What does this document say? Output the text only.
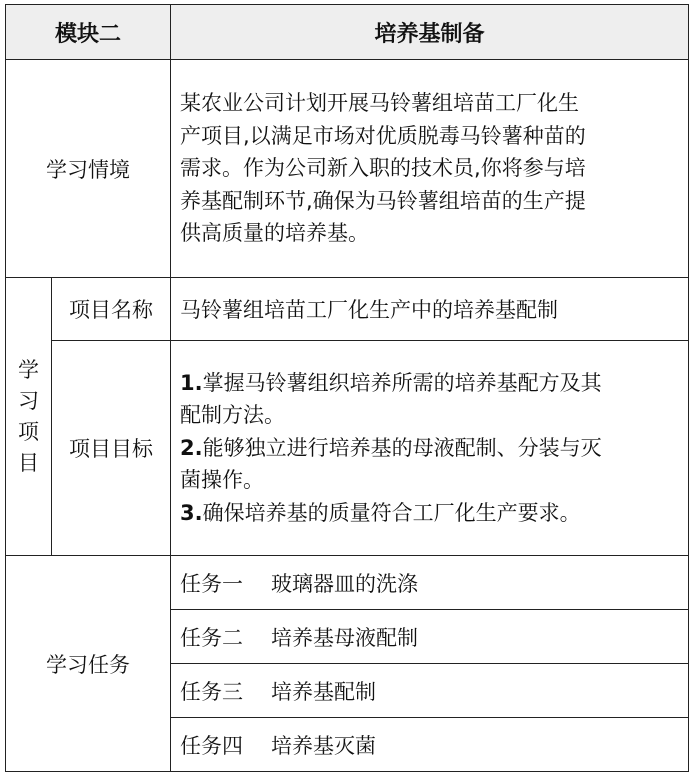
模块二		培养基制备
学习情境		某农业公司计划开展马铃薯组培苗工厂化生
产项目,以满足市场对优质脱毒马铃薯种苗的
需求。作为公司新入职的技术员,你将参与培
养基配制环节,确保为马铃薯组培苗的生产提
供高质量的培养基。

学
习
项
目	项目名称	马铃薯组培苗工厂化生产中的培养基配制
	项目目标	1.掌握马铃薯组织培养所需的培养基配方及其
配制方法。
2.能够独立进行培养基的母液配制、分装与灭
菌操作。
3.确保培养基的质量符合工厂化生产要求。

学习任务		任务一 玻璃器皿的洗涤
		任务二 培养基母液配制
		任务三 培养基配制
		任务四 培养基灭菌
